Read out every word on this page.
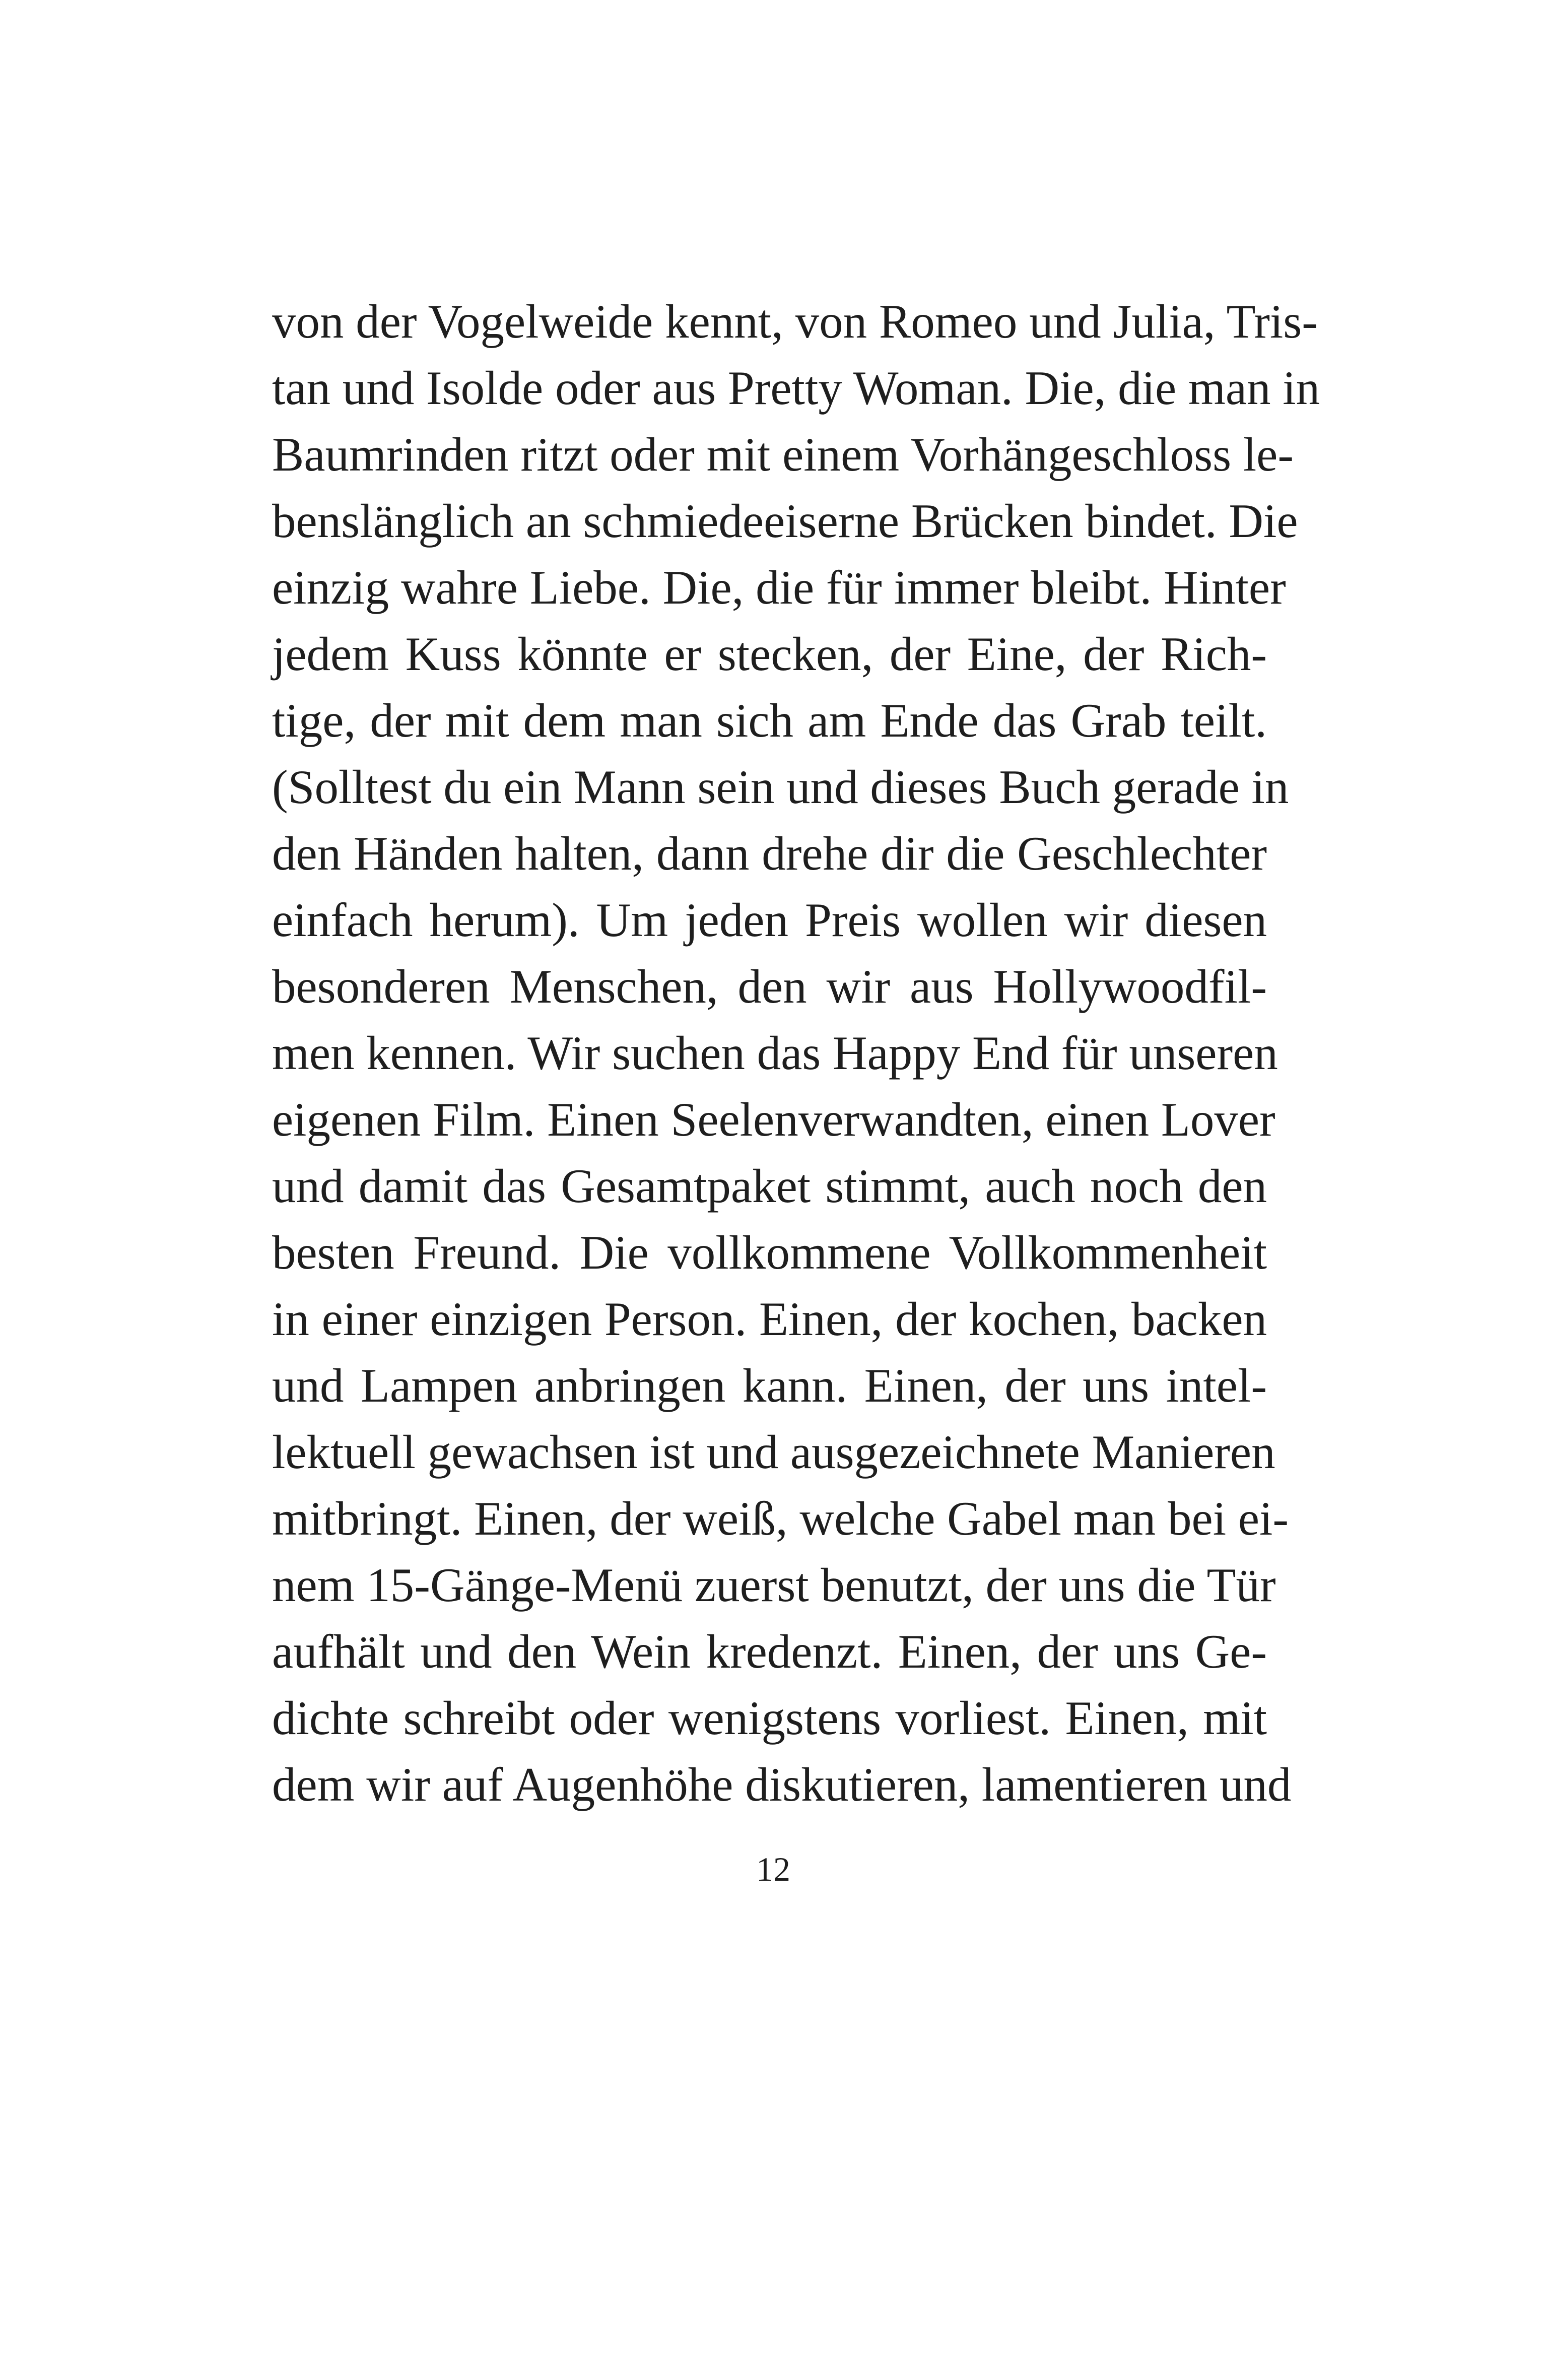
von der Vogelweide kennt, von Romeo und Julia, Tris-
tan und Isolde oder aus Pretty Woman. Die, die man in
Baumrinden ritzt oder mit einem Vorhängeschloss le-
benslänglich an schmiedeeiserne Brücken bindet. Die
einzig wahre Liebe. Die, die für immer bleibt. Hinter
jedem Kuss könnte er stecken, der Eine, der Rich-
tige, der mit dem man sich am Ende das Grab teilt.
(Solltest du ein Mann sein und dieses Buch gerade in
den Händen halten, dann drehe dir die Geschlechter
einfach herum). Um jeden Preis wollen wir diesen
besonderen Menschen, den wir aus Hollywoodfil-
men kennen. Wir suchen das Happy End für unseren
eigenen Film. Einen Seelenverwandten, einen Lover
und damit das Gesamtpaket stimmt, auch noch den
besten Freund. Die vollkommene Vollkommenheit
in einer einzigen Person. Einen, der kochen, backen
und Lampen anbringen kann. Einen, der uns intel-
lektuell gewachsen ist und ausgezeichnete Manieren
mitbringt. Einen, der weiß, welche Gabel man bei ei-
nem 15-Gänge-Menü zuerst benutzt, der uns die Tür
aufhält und den Wein kredenzt. Einen, der uns Ge-
dichte schreibt oder wenigstens vorliest. Einen, mit
dem wir auf Augenhöhe diskutieren, lamentieren und
12
